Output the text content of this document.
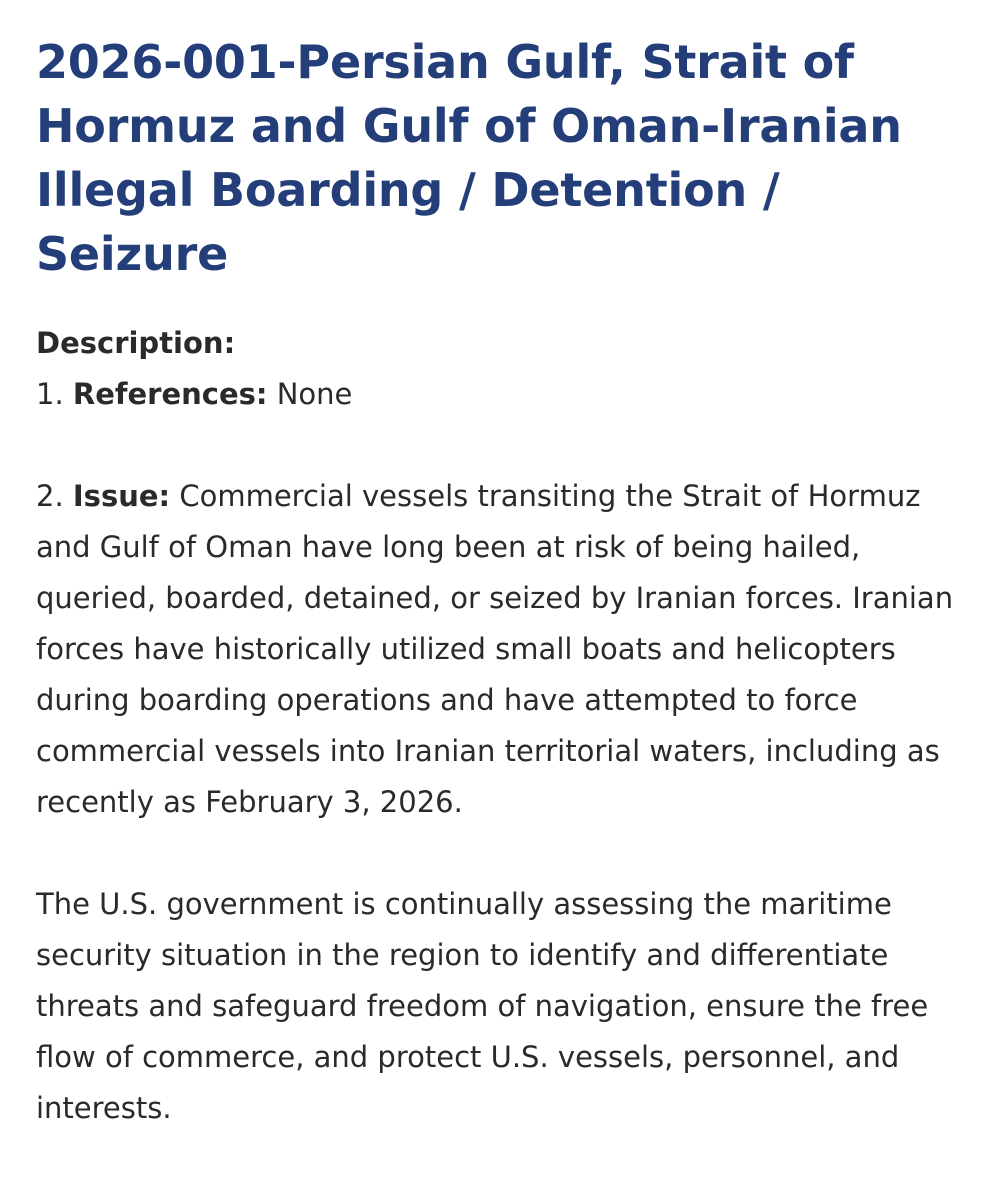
2026-001-Persian Gulf, Strait of Hormuz and Gulf of Oman-Iranian Illegal Boarding / Detention / Seizure
Description:

1. References: None

2. Issue: Commercial vessels transiting the Strait of Hormuz and Gulf of Oman have long been at risk of being hailed, queried, boarded, detained, or seized by Iranian forces. Iranian forces have historically utilized small boats and helicopters during boarding operations and have attempted to force commercial vessels into Iranian territorial waters, including as recently as February 3, 2026.

The U.S. government is continually assessing the maritime security situation in the region to identify and differentiate threats and safeguard freedom of navigation, ensure the free flow of commerce, and protect U.S. vessels, personnel, and interests.
